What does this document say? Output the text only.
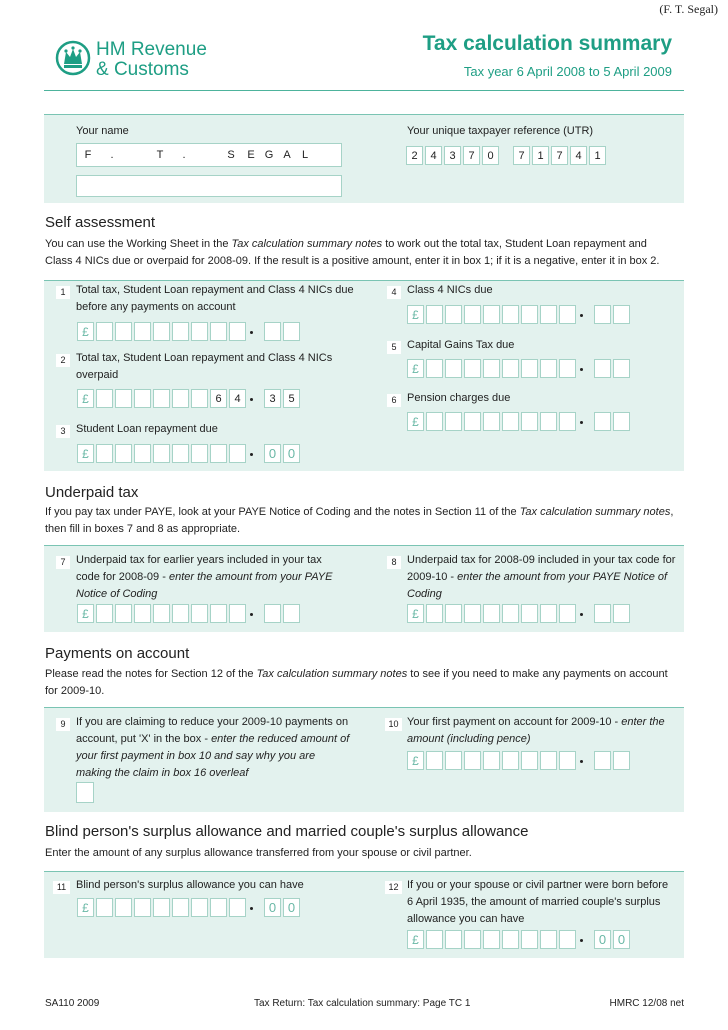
(F. T. Segal)
HM Revenue
& Customs
Tax calculation summary
Tax year 6 April 2008 to 5 April 2009
Your name
F	.	T	.	S	E G A	L
Your unique taxpayer reference (UTR)
2	4	3	7	0	7	1	7	4	1
Self assessment
You can use the Working Sheet in the Tax calculation summary notes to work out the total tax, Student Loan repayment and
Class 4 NICs due or overpaid for 2008-09. If the result is a positive amount, enter it in box 1; if it is a negative, enter it in box 2.
1 Total tax, Student Loan repayment and Class 4 NICs due before any payments on account
£
2 Total tax, Student Loan repayment and Class 4 NICs overpaid
£	6	4	3	5
3 Student Loan repayment due
£	0 0
4 Class 4 NICs due
£
5 Capital Gains Tax due
£
6 Pension charges due
£
Underpaid tax
If you pay tax under PAYE, look at your PAYE Notice of Coding and the notes in Section 11 of the Tax calculation summary notes,
then fill in boxes 7 and 8 as appropriate.
7 Underpaid tax for earlier years included in your tax code for 2008-09 - enter the amount from your PAYE Notice of Coding
£
8 Underpaid tax for 2008-09 included in your tax code for 2009-10 - enter the amount from your PAYE Notice of Coding
£
Payments on account
Please read the notes for Section 12 of the Tax calculation summary notes to see if you need to make any payments on account
for 2009-10.
9 If you are claiming to reduce your 2009-10 payments on account, put 'X' in the box - enter the reduced amount of your first payment in box 10 and say why you are making the claim in box 16 overleaf
10 Your first payment on account for 2009-10 - enter the amount (including pence)
£
Blind person's surplus allowance and married couple's surplus allowance
Enter the amount of any surplus allowance transferred from your spouse or civil partner.
11 Blind person's surplus allowance you can have
£	0 0
12 If you or your spouse or civil partner were born before 6 April 1935, the amount of married couple's surplus allowance you can have
£	0 0
SA110 2009	Tax Return: Tax calculation summary: Page TC 1	HMRC 12/08 net
